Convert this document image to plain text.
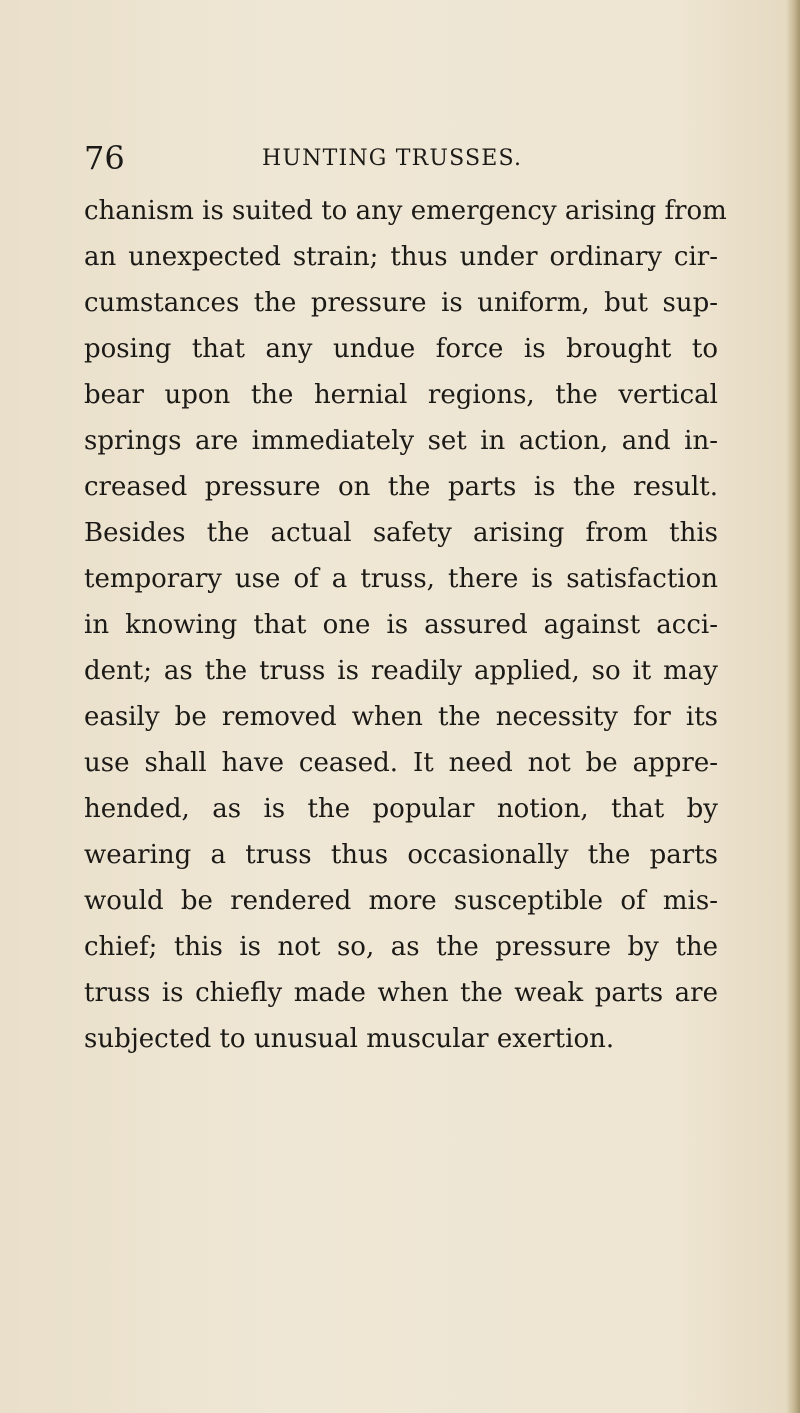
76	HUNTING TRUSSES.
chanism is suited to any emergency arising from
an unexpected strain; thus under ordinary cir-
cumstances the pressure is uniform, but sup-
posing that any undue force is brought to
bear upon the hernial regions, the vertical
springs are immediately set in action, and in-
creased pressure on the parts is the result.
Besides the actual safety arising from this
temporary use of a truss, there is satisfaction
in knowing that one is assured against acci-
dent; as the truss is readily applied, so it may
easily be removed when the necessity for its
use shall have ceased. It need not be appre-
hended, as is the popular notion, that by
wearing a truss thus occasionally the parts
would be rendered more susceptible of mis-
chief; this is not so, as the pressure by the
truss is chiefly made when the weak parts are
subjected to unusual muscular exertion.
